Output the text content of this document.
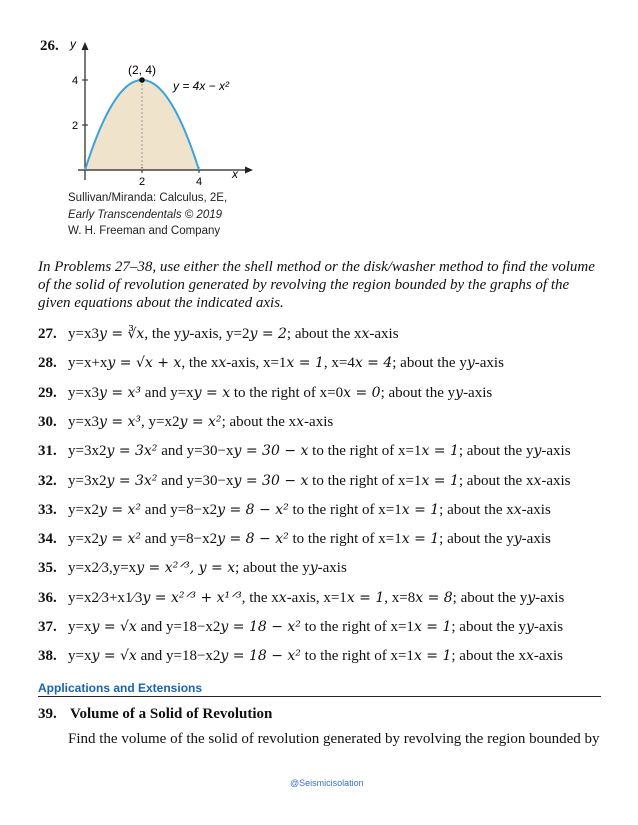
26.
2	4
2
4
x
y
(2, 4)
y = 4x − x²
Sullivan/Miranda: Calculus, 2E,
Early Transcendentals © 2019
W. H. Freeman and Company
In Problems 27–38, use either the shell method or the disk/washer method to find the volume of the solid of revolution generated by revolving the region bounded by the graphs of the given equations about the indicated axis.
27. y=x3y = ∛x, the yy-axis, y=2y = 2; about the xx-axis
28. y=x+xy = √x + x, the xx-axis, x=1x = 1, x=4x = 4; about the yy-axis
29. y=x3y = x³ and y=xy = x to the right of x=0x = 0; about the yy-axis
30. y=x3y = x³, y=x2y = x²; about the xx-axis
31. y=3x2y = 3x² and y=30−xy = 30 − x to the right of x=1x = 1; about the yy-axis
32. y=3x2y = 3x² and y=30−xy = 30 − x to the right of x=1x = 1; about the xx-axis
33. y=x2y = x² and y=8−x2y = 8 − x² to the right of x=1x = 1; about the xx-axis
34. y=x2y = x² and y=8−x2y = 8 − x² to the right of x=1x = 1; about the yy-axis
35. y=x2⁄3,y=xy = x²ᐟ³, y = x; about the yy-axis
36. y=x2⁄3+x1⁄3y = x²ᐟ³ + x¹ᐟ³, the xx-axis, x=1x = 1, x=8x = 8; about the yy-axis
37. y=xy = √x and y=18−x2y = 18 − x² to the right of x=1x = 1; about the yy-axis
38. y=xy = √x and y=18−x2y = 18 − x² to the right of x=1x = 1; about the xx-axis
Applications and Extensions
39. Volume of a Solid of Revolution
Find the volume of the solid of revolution generated by revolving the region bounded by
@Seismicisolation
